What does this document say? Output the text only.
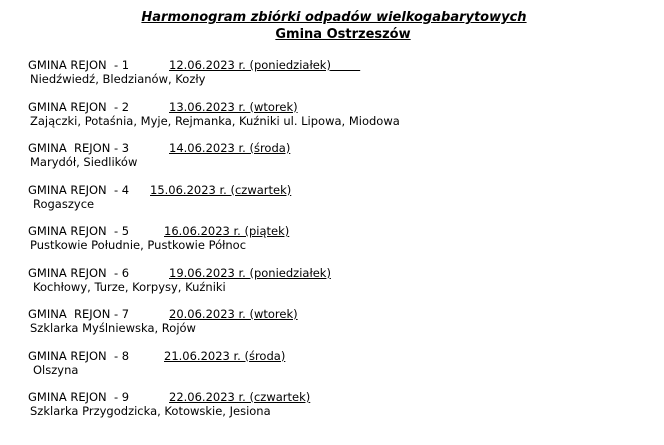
Harmonogram zbiórki odpadów wielkogabarytowych
Gmina Ostrzeszów
GMINA REJON  - 1	12.06.2023 r. (poniedziałek)
Niedźwiedź, Bledzianów, Kozły
GMINA REJON  - 2	13.06.2023 r. (wtorek)
Zajączki, Potaśnia, Myje, Rejmanka, Kuźniki ul. Lipowa, Miodowa
GMINA  REJON - 3	14.06.2023 r. (środa)
Marydół, Siedlików
GMINA REJON  - 4 15.06.2023 r. (czwartek)
Rogaszyce
GMINA REJON  - 5	16.06.2023 r. (piątek)
Pustkowie Południe, Pustkowie Północ
GMINA REJON  - 6	19.06.2023 r. (poniedziałek)
Kochłowy, Turze, Korpysy, Kuźniki
GMINA  REJON - 7	20.06.2023 r. (wtorek)
Szklarka Myślniewska, Rojów
GMINA REJON  - 8	21.06.2023 r. (środa)
Olszyna
GMINA REJON  - 9	22.06.2023 r. (czwartek)
Szklarka Przygodzicka, Kotowskie, Jesiona
